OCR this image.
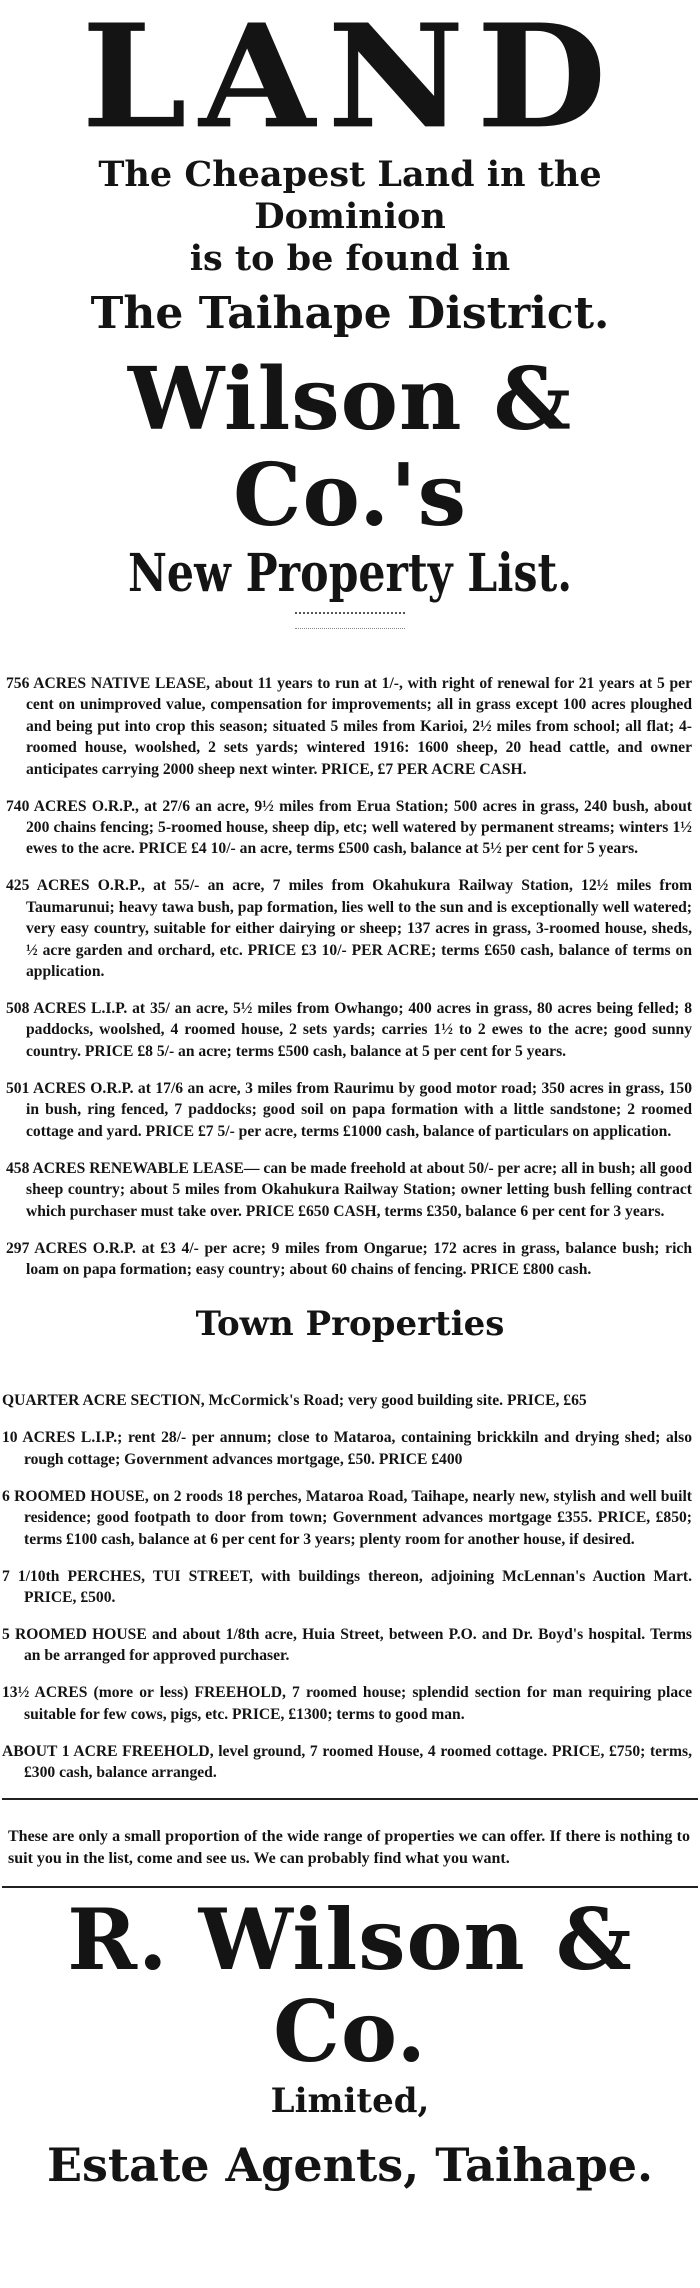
LAND
The Cheapest Land in the Dominion
is to be found in
The Taihape District.
Wilson & Co.'s
New Property List.

756 ACRES NATIVE LEASE, about 11 years to run at 1/-, with right of renewal for 21 years at 5 per cent on unimproved value, compensation for improvements; all in grass except 100 acres ploughed and being put into crop this season; situated 5 miles from Karioi, 2½ miles from school; all flat; 4-roomed house, woolshed, 2 sets yards; wintered 1916: 1600 sheep, 20 head cattle, and owner anticipates carrying 2000 sheep next winter. PRICE, £7 PER ACRE CASH.

740 ACRES O.R.P., at 27/6 an acre, 9½ miles from Erua Station; 500 acres in grass, 240 bush, about 200 chains fencing; 5-roomed house, sheep dip, etc; well watered by permanent streams; winters 1½ ewes to the acre. PRICE £4 10/- an acre, terms £500 cash, balance at 5½ per cent for 5 years.

425 ACRES O.R.P., at 55/- an acre, 7 miles from Okahukura Railway Station, 12½ miles from Taumarunui; heavy tawa bush, pap formation, lies well to the sun and is exceptionally well watered; very easy country, suitable for either dairying or sheep; 137 acres in grass, 3-roomed house, sheds, ½ acre garden and orchard, etc. PRICE £3 10/- PER ACRE; terms £650 cash, balance of terms on application.

508 ACRES L.I.P. at 35/ an acre, 5½ miles from Owhango; 400 acres in grass, 80 acres being felled; 8 paddocks, woolshed, 4 roomed house, 2 sets yards; carries 1½ to 2 ewes to the acre; good sunny country. PRICE £8 5/- an acre; terms £500 cash, balance at 5 per cent for 5 years.

501 ACRES O.R.P. at 17/6 an acre, 3 miles from Raurimu by good motor road; 350 acres in grass, 150 in bush, ring fenced, 7 paddocks; good soil on papa formation with a little sandstone; 2 roomed cottage and yard. PRICE £7 5/- per acre, terms £1000 cash, balance of particulars on application.

458 ACRES RENEWABLE LEASE— can be made freehold at about 50/- per acre; all in bush; all good sheep country; about 5 miles from Okahukura Railway Station; owner letting bush felling contract which purchaser must take over. PRICE £650 CASH, terms £350, balance 6 per cent for 3 years.

297 ACRES O.R.P. at £3 4/- per acre; 9 miles from Ongarue; 172 acres in grass, balance bush; rich loam on papa formation; easy country; about 60 chains of fencing. PRICE £800 cash.

Town Properties

QUARTER ACRE SECTION, McCormick's Road; very good building site. PRICE, £65

10 ACRES L.I.P.; rent 28/- per annum; close to Mataroa, containing brickkiln and drying shed; also rough cottage; Government advances mortgage, £50. PRICE £400

6 ROOMED HOUSE, on 2 roods 18 perches, Mataroa Road, Taihape, nearly new, stylish and well built residence; good footpath to door from town; Government advances mortgage £355. PRICE, £850; terms £100 cash, balance at 6 per cent for 3 years; plenty room for another house, if desired.

7 1/10th PERCHES, TUI STREET, with buildings thereon, adjoining McLennan's Auction Mart. PRICE, £500.

5 ROOMED HOUSE and about 1/8th acre, Huia Street, between P.O. and Dr. Boyd's hospital. Terms an be arranged for approved purchaser.

13½ ACRES (more or less) FREEHOLD, 7 roomed house; splendid section for man requiring place suitable for few cows, pigs, etc. PRICE, £1300; terms to good man.

ABOUT 1 ACRE FREEHOLD, level ground, 7 roomed House, 4 roomed cottage. PRICE, £750; terms, £300 cash, balance arranged.

These are only a small proportion of the wide range of properties we can offer. If there is nothing to suit you in the list, come and see us. We can probably find what you want.

R. Wilson & Co.
Limited,
Estate Agents, Taihape.
